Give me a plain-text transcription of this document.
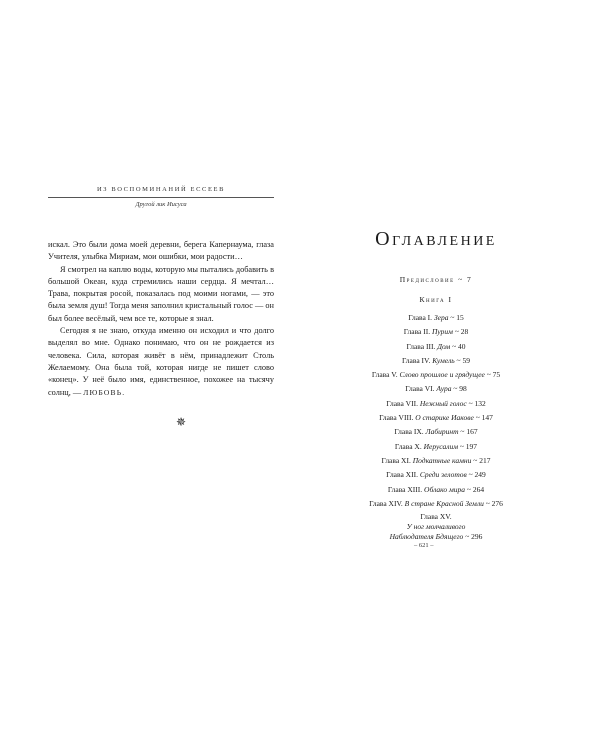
ИЗ ВОСПОМИНАНИЙ ЕССЕЕВ
Другой лик Иисуса

искал. Это были дома моей деревни, берега Капернаума, глаза Учителя, улыбка Мириам, мои ошибки, мои радости…

Я смотрел на каплю воды, которую мы пытались добавить в большой Океан, куда стремились наши сердца. Я мечтал… Трава, покрытая росой, показалась под моими ногами, — это была земля душ! Тогда меня заполнил кристальный голос — он был более весёлый, чем все те, которые я знал.

Сегодня я не знаю, откуда именно он исходил и что долго выделял во мне. Однако понимаю, что он не рождается из человека. Сила, которая живёт в нём, принадлежит Столь Желаемому. Она была той, которая нигде не пишет слово «конец». У неё было имя, единственное, похожее на тысячу солнц, — ЛЮБОВЬ.

✵
Оглавление
Предисловие ~ 7
Книга I
Глава I. Зера ~ 15
Глава II. Пурим ~ 28
Глава III. Дом ~ 40
Глава IV. Кумель ~ 59
Глава V. Слово прошлое и грядущее ~ 75
Глава VI. Аура ~ 98
Глава VII. Нежный голос ~ 132
Глава VIII. О старике Иакове ~ 147
Глава IX. Лабиринт ~ 167
Глава X. Иерусалим ~ 197
Глава XI. Подкатные камни ~ 217
Глава XII. Среди зелотов ~ 249
Глава XIII. Облако мира ~ 264
Глава XIV. В стране Красной Земли ~ 276
Глава XV.
У ног молчаливого
Наблюдателя Бдящего ~ 296
– 621 –
